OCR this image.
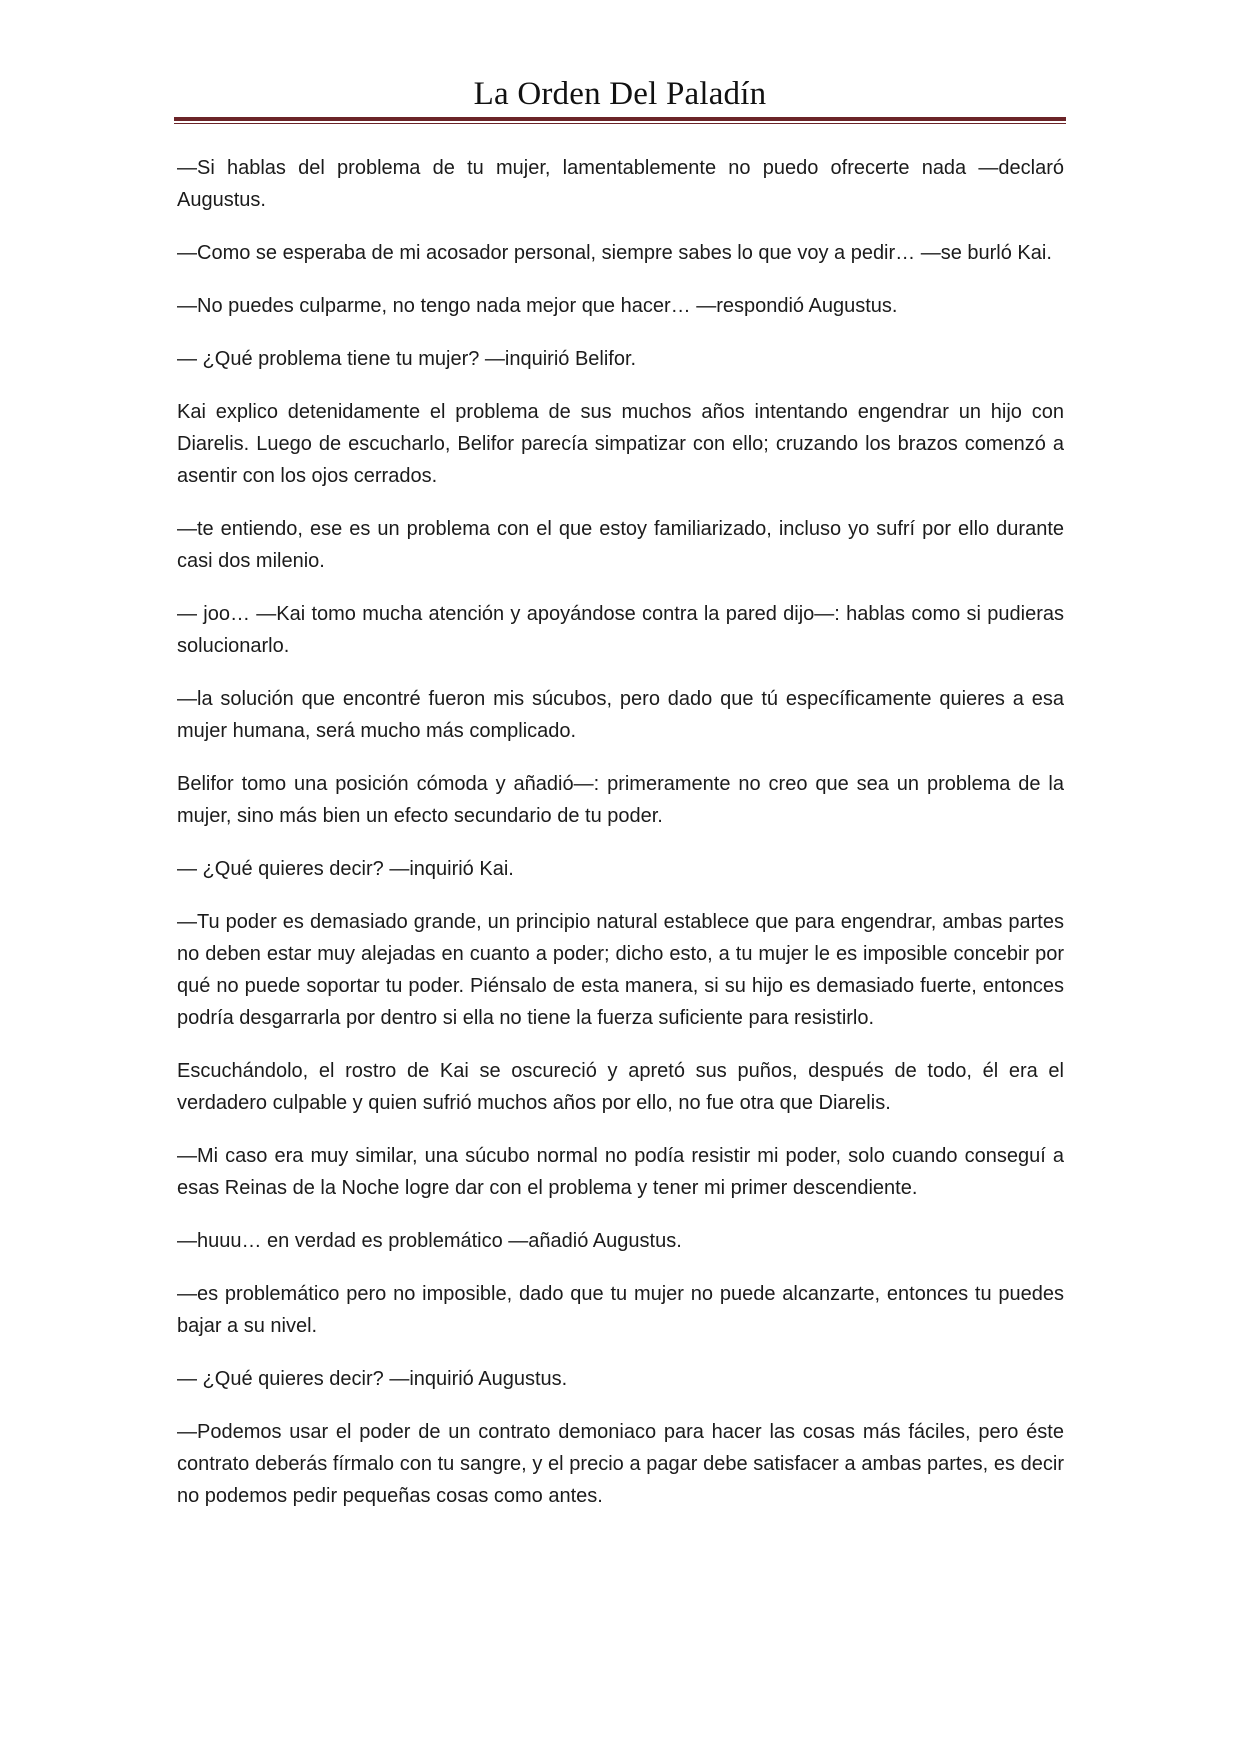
La Orden Del Paladín

—Si hablas del problema de tu mujer, lamentablemente no puedo ofrecerte nada —declaró Augustus.

—Como se esperaba de mi acosador personal, siempre sabes lo que voy a pedir… —se burló Kai.

—No puedes culparme, no tengo nada mejor que hacer… —respondió Augustus.

— ¿Qué problema tiene tu mujer? —inquirió Belifor.

Kai explico detenidamente el problema de sus muchos años intentando engendrar un hijo con Diarelis. Luego de escucharlo, Belifor parecía simpatizar con ello; cruzando los brazos comenzó a asentir con los ojos cerrados.

—te entiendo, ese es un problema con el que estoy familiarizado, incluso yo sufrí por ello durante casi dos milenio.

— joo… —Kai tomo mucha atención y apoyándose contra la pared dijo—: hablas como si pudieras solucionarlo.

—la solución que encontré fueron mis súcubos, pero dado que tú específicamente quieres a esa mujer humana, será mucho más complicado.

Belifor tomo una posición cómoda y añadió—: primeramente no creo que sea un problema de la mujer, sino más bien un efecto secundario de tu poder.

— ¿Qué quieres decir? —inquirió Kai.

—Tu poder es demasiado grande, un principio natural establece que para engendrar, ambas partes no deben estar muy alejadas en cuanto a poder; dicho esto, a tu mujer le es imposible concebir por qué no puede soportar tu poder. Piénsalo de esta manera, si su hijo es demasiado fuerte, entonces podría desgarrarla por dentro si ella no tiene la fuerza suficiente para resistirlo.

Escuchándolo, el rostro de Kai se oscureció y apretó sus puños, después de todo, él era el verdadero culpable y quien sufrió muchos años por ello, no fue otra que Diarelis.

—Mi caso era muy similar, una súcubo normal no podía resistir mi poder, solo cuando conseguí a esas Reinas de la Noche logre dar con el problema y tener mi primer descendiente.

—huuu… en verdad es problemático —añadió Augustus.

—es problemático pero no imposible, dado que tu mujer no puede alcanzarte, entonces tu puedes bajar a su nivel.

— ¿Qué quieres decir? —inquirió Augustus.

—Podemos usar el poder de un contrato demoniaco para hacer las cosas más fáciles, pero éste contrato deberás fírmalo con tu sangre, y el precio a pagar debe satisfacer a ambas partes, es decir no podemos pedir pequeñas cosas como antes.
